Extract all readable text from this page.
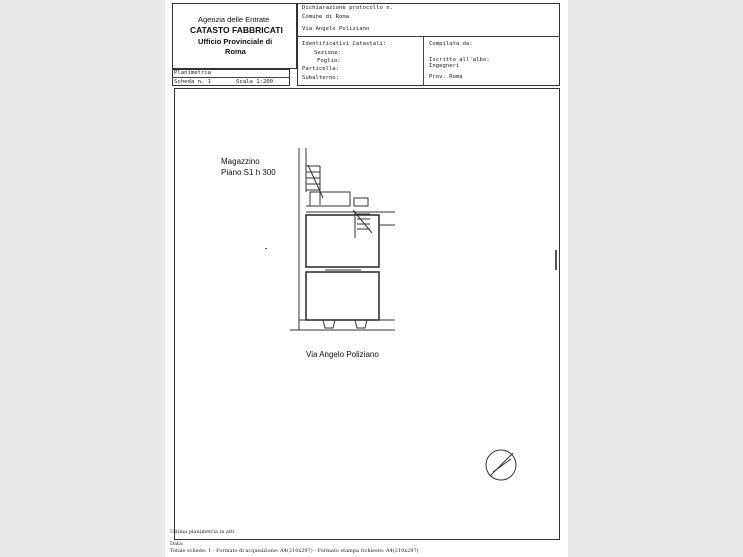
Agenzia delle Entrate
CATASTO FABBRICATI
Ufficio Provinciale di
Roma
Dichiarazione protocollo n.
Comune di Roma
Via Angelo Poliziano
Identificativi Catastali:
Sezione:
Foglio:
Particella:
Subalterno:
Compilata da:
Iscritto all'albo:
Ingegneri
Prov. Roma
Planimetria
Scheda n. 1	Scala 1:200
Magazzino
Piano S1 h 300
Via Angelo Poliziano
Ultima planimetria in atti
Data:
Totale schede: 1 - Formato di acquisizione: A4(210x297) - Formato stampa richiesto: A4(210x297)
